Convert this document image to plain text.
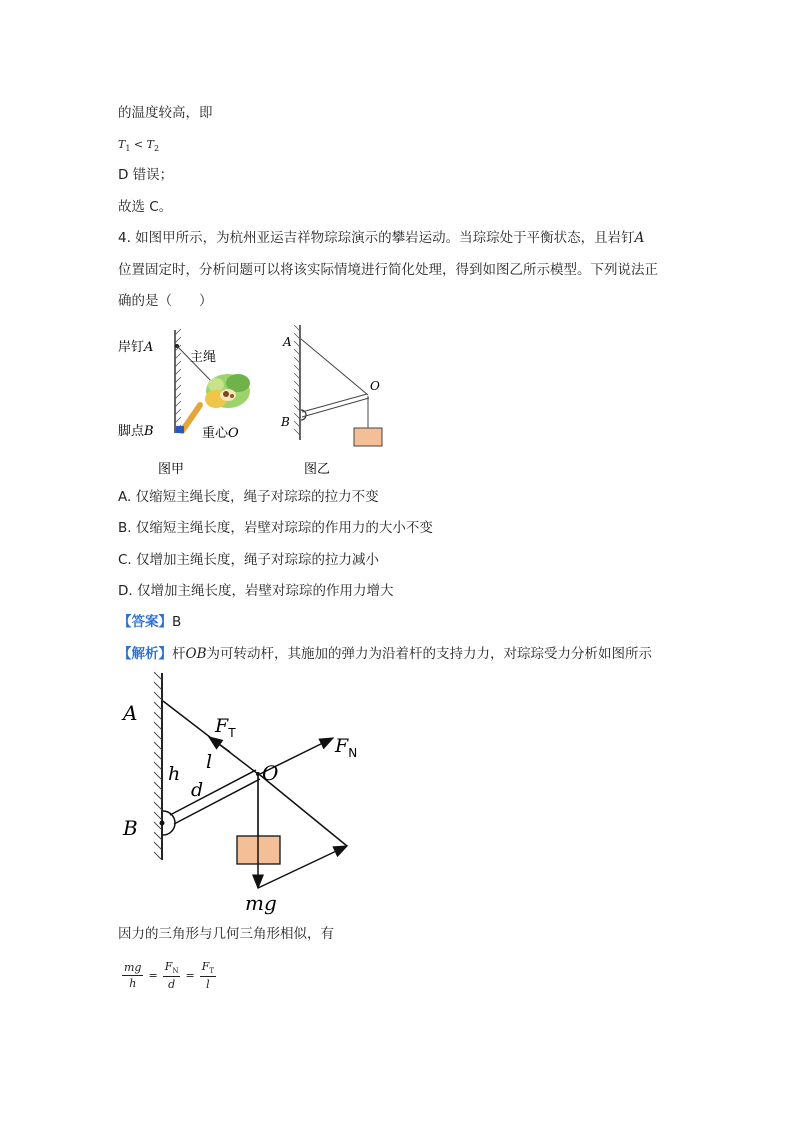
的温度较高，即
$T_1 < T_2$
D 错误；
故选 C。
4. 如图甲所示，为杭州亚运吉祥物琮琮演示的攀岩运动。当琮琮处于平衡状态，且岩钉A
位置固定时，分析问题可以将该实际情境进行简化处理，得到如图乙所示模型。下列说法正
确的是（　　）
岸钉A
主绳
脚点B	重心O
图甲
A
O
B
图乙
A. 仅缩短主绳长度，绳子对琮琮的拉力不变
B. 仅缩短主绳长度，岩壁对琮琮的作用力的大小不变
C. 仅增加主绳长度，绳子对琮琮的拉力减小
D. 仅增加主绳长度，岩壁对琮琮的作用力增大
【答案】B
【解析】杆OB为可转动杆，其施加的弹力为沿着杆的支持力力，对琮琮受力分析如图所示
A
B
h
d
l O
$F_T$
$F_N$
mg
因力的三角形与几何三角形相似，有
$\frac{mg}{h} = \frac{F_N}{d} = \frac{F_T}{l}$
